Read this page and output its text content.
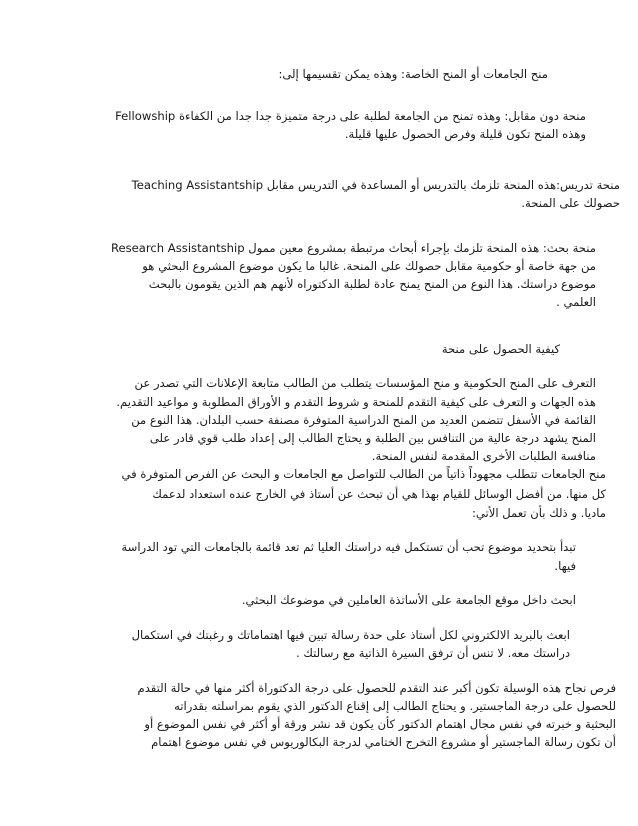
منح الجامعات أو المنح الخاصة: وهذه يمكن تقسيمها إلى:
Fellowship منحة دون مقابل: وهذه تمنح من الجامعة لطلبة على درجة متميزة جدا جدا من الكفاءة
وهذه المنح تكون قليلة وفرص الحصول عليها قليلة.
Teaching Assistantship منحة تدريس:هذه المنحة تلزمك بالتدريس أو المساعدة في التدريس مقابل
حصولك على المنحة.
Research Assistantship منحة بحث: هذه المنحة تلزمك بإجراء أبحاث مرتبطة بمشروع معين ممول
من جهة خاصة أو حكومية مقابل حصولك على المنحة. غالبا ما يكون موضوع المشروع البحثي هو
موضوع دراستك. هذا النوع من المنح يمنح عادة لطلبة الدكتوراه لأنهم هم الذين يقومون بالبحث
العلمي .
كيفية الحصول على منحة
التعرف على المنح الحكومية و منح المؤسسات يتطلب من الطالب متابعة الإعلانات التي تصدر عن
هذه الجهات و التعرف على كيفية التقدم للمنحة و شروط التقدم و الأوراق المطلوبة و مواعيد التقديم.
القائمة في الأسفل تتضمن العديد من المنح الدراسية المتوفرة مصنفة حسب البلدان. هذا النوع من
المنح يشهد درجة عالية من التنافس بين الطلبة و يحتاج الطالب إلى إعداد طلب قوي قادر على
منافسة الطلبات الأخرى المقدمة لنفس المنحة.
منح الجامعات تتطلب مجهوداً ذاتياً من الطالب للتواصل مع الجامعات و البحث عن الفرص المتوفرة في
كل منها. من أفضل الوسائل للقيام بهذا هي أن تبحث عن أستاذ في الخارج عنده استعداد لدعمك
ماديا. و ذلك بأن تعمل الأتي:
تبدأ بتحديد موضوع تحب أن تستكمل فيه دراستك العليا ثم تعد قائمة بالجامعات التي تود الدراسة
فيها.
ابحث داخل موقع الجامعة على الأساتذة العاملين في موضوعك البحثي.
ابعث بالبريد الالكتروني لكل أستاذ على حدة رسالة تبين فيها اهتماماتك و رغبتك في استكمال
دراستك معه. لا تنس أن ترفق السيرة الذاتية مع رسالتك .
فرص نجاح هذه الوسيلة تكون أكبر عند التقدم للحصول على درجة الدكتوراة أكثر منها في حالة التقدم
للحصول على درجة الماجستير. و يحتاج الطالب إلى إقناع الدكتور الذي يقوم بمراسلته بقدراته
البحثية و خبرته في نفس مجال اهتمام الدكتور كأن يكون قد نشر ورقة أو أكثر في نفس الموضوع أو
أن تكون رسالة الماجستير أو مشروع التخرج الختامي لدرجة البكالوريوس في نفس موضوع اهتمام
